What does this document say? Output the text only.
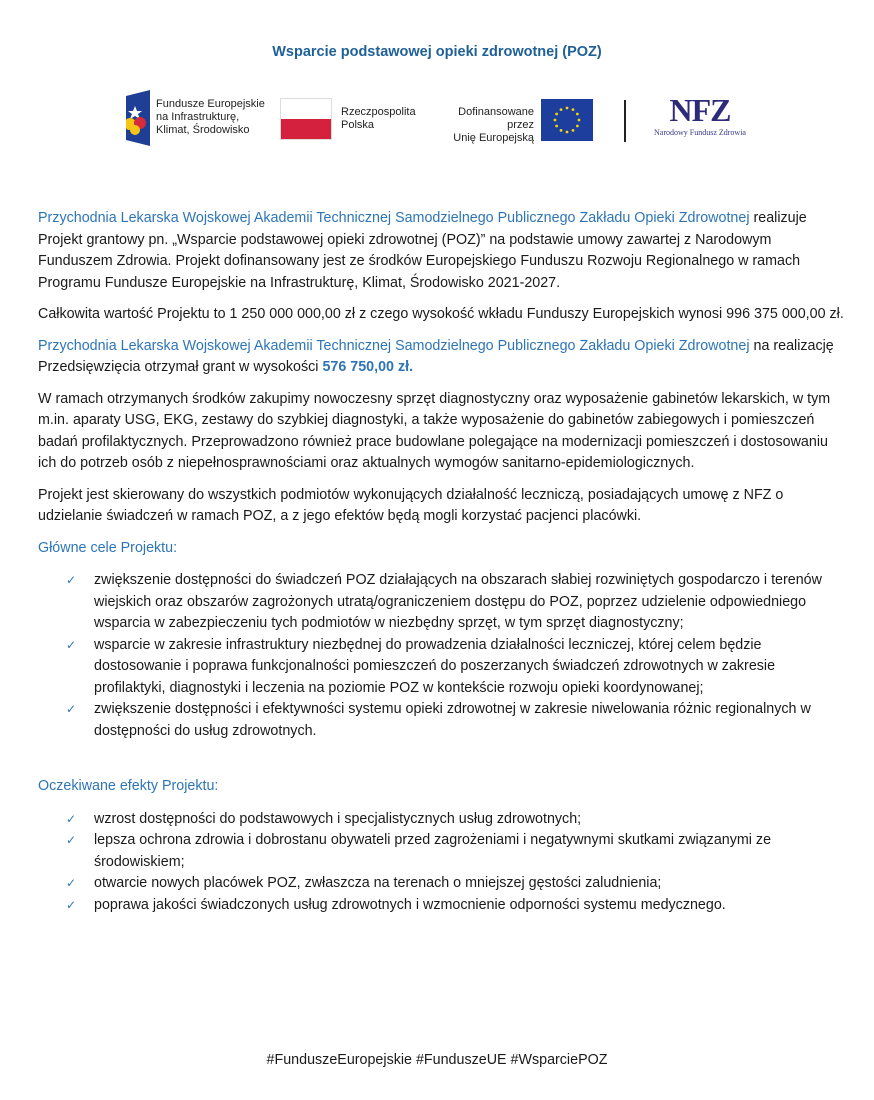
Wsparcie podstawowej opieki zdrowotnej (POZ)
Fundusze Europejskie
na Infrastrukturę,
Klimat, Środowisko
Rzeczpospolita
Polska
Dofinansowane przez
Unię Europejską
NFZ
Narodowy Fundusz Zdrowia

Przychodnia Lekarska Wojskowej Akademii Technicznej Samodzielnego Publicznego Zakładu Opieki Zdrowotnej realizuje Projekt grantowy pn. „Wsparcie podstawowej opieki zdrowotnej (POZ)” na podstawie umowy zawartej z Narodowym Funduszem Zdrowia. Projekt dofinansowany jest ze środków Europejskiego Funduszu Rozwoju Regionalnego w ramach Programu Fundusze Europejskie na Infrastrukturę, Klimat, Środowisko 2021-2027.

Całkowita wartość Projektu to 1 250 000 000,00 zł z czego wysokość wkładu Funduszy Europejskich wynosi 996 375 000,00 zł.

Przychodnia Lekarska Wojskowej Akademii Technicznej Samodzielnego Publicznego Zakładu Opieki Zdrowotnej na realizację Przedsięwzięcia otrzymał grant w wysokości 576 750,00 zł.

W ramach otrzymanych środków zakupimy nowoczesny sprzęt diagnostyczny oraz wyposażenie gabinetów lekarskich, w tym m.in. aparaty USG, EKG, zestawy do szybkiej diagnostyki, a także wyposażenie do gabinetów zabiegowych i pomieszczeń badań profilaktycznych. Przeprowadzono również prace budowlane polegające na modernizacji pomieszczeń i dostosowaniu ich do potrzeb osób z niepełnosprawnościami oraz aktualnych wymogów sanitarno-epidemiologicznych.

Projekt jest skierowany do wszystkich podmiotów wykonujących działalność leczniczą, posiadających umowę z NFZ o udzielanie świadczeń w ramach POZ, a z jego efektów będą mogli korzystać pacjenci placówki.

Główne cele Projektu:

✓ zwiększenie dostępności do świadczeń POZ działających na obszarach słabiej rozwiniętych gospodarczo i terenów wiejskich oraz obszarów zagrożonych utratą/ograniczeniem dostępu do POZ, poprzez udzielenie odpowiedniego wsparcia w zabezpieczeniu tych podmiotów w niezbędny sprzęt, w tym sprzęt diagnostyczny;
✓ wsparcie w zakresie infrastruktury niezbędnej do prowadzenia działalności leczniczej, której celem będzie dostosowanie i poprawa funkcjonalności pomieszczeń do poszerzanych świadczeń zdrowotnych w zakresie profilaktyki, diagnostyki i leczenia na poziomie POZ w kontekście rozwoju opieki koordynowanej;
✓ zwiększenie dostępności i efektywności systemu opieki zdrowotnej w zakresie niwelowania różnic regionalnych w dostępności do usług zdrowotnych.

Oczekiwane efekty Projektu:

✓ wzrost dostępności do podstawowych i specjalistycznych usług zdrowotnych;
✓ lepsza ochrona zdrowia i dobrostanu obywateli przed zagrożeniami i negatywnymi skutkami związanymi ze środowiskiem;
✓ otwarcie nowych placówek POZ, zwłaszcza na terenach o mniejszej gęstości zaludnienia;
✓ poprawa jakości świadczonych usług zdrowotnych i wzmocnienie odporności systemu medycznego.
#FunduszeEuropejskie #FunduszeUE #WsparciePOZ
